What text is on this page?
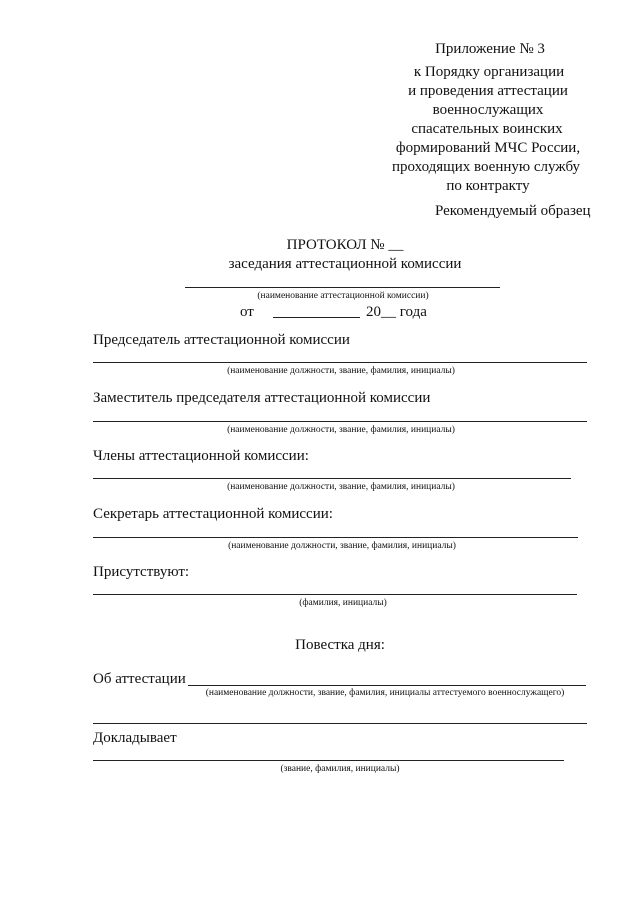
Приложение № 3
к Порядку организации
и проведения аттестации
военнослужащих
спасательных воинских
формирований МЧС России,
проходящих военную службу
по контракту
Рекомендуемый образец
ПРОТОКОЛ № __
заседания аттестационной комиссии
(наименование аттестационной комиссии)
от	20__ года
Председатель аттестационной комиссии
(наименование должности, звание, фамилия, инициалы)
Заместитель председателя аттестационной комиссии
(наименование должности, звание, фамилия, инициалы)
Члены аттестационной комиссии:
(наименование должности, звание, фамилия, инициалы)
Секретарь аттестационной комиссии:
(наименование должности, звание, фамилия, инициалы)
Присутствуют:
(фамилия, инициалы)
Повестка дня:
Об аттестации
(наименование должности, звание, фамилия, инициалы аттестуемого военнослужащего)
Докладывает
(звание, фамилия, инициалы)
